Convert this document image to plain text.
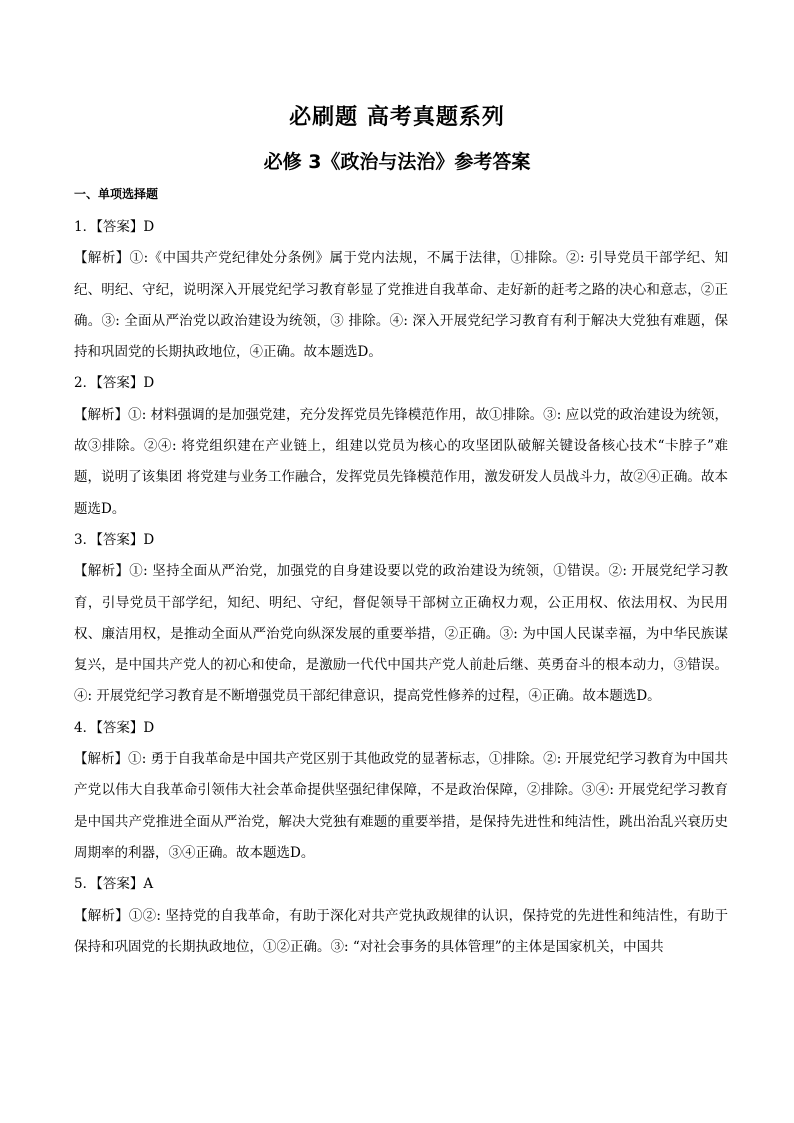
必刷题 高考真题系列
必修 3《政治与法治》参考答案
一、单项选择题

1．【答案】D

【解析】①:《中国共产党纪律处分条例》属于党内法规，不属于法律，①排除。②: 引导党员干部学纪、知纪、明纪、守纪，说明深入开展党纪学习教育彰显了党推进自我革命、走好新的赶考之路的决心和意志，②正确。③: 全面从严治党以政治建设为统领，③ 排除。④: 深入开展党纪学习教育有利于解决大党独有难题，保持和巩固党的长期执政地位，④正确。故本题选D。

2．【答案】D

【解析】①: 材料强调的是加强党建，充分发挥党员先锋模范作用，故①排除。③: 应以党的政治建设为统领，故③排除。②④: 将党组织建在产业链上，组建以党员为核心的攻坚团队破解关键设备核心技术“卡脖子”难题，说明了该集团 将党建与业务工作融合，发挥党员先锋模范作用，激发研发人员战斗力，故②④正确。故本题选D。

3．【答案】D

【解析】①: 坚持全面从严治党，加强党的自身建设要以党的政治建设为统领，①错误。②: 开展党纪学习教育，引导党员干部学纪，知纪、明纪、守纪，督促领导干部树立正确权力观，公正用权、依法用权、为民用权、廉洁用权，是推动全面从严治党向纵深发展的重要举措，②正确。③: 为中国人民谋幸福，为中华民族谋复兴，是中国共产党人的初心和使命，是激励一代代中国共产党人前赴后继、英勇奋斗的根本动力，③错误。④: 开展党纪学习教育是不断增强党员干部纪律意识，提高党性修养的过程，④正确。故本题选D。

4．【答案】D

【解析】①: 勇于自我革命是中国共产党区别于其他政党的显著标志，①排除。②: 开展党纪学习教育为中国共产党以伟大自我革命引领伟大社会革命提供坚强纪律保障，不是政治保障，②排除。③④: 开展党纪学习教育是中国共产党推进全面从严治党，解决大党独有难题的重要举措，是保持先进性和纯洁性，跳出治乱兴衰历史周期率的利器，③④正确。故本题选D。

5．【答案】A

【解析】①②: 坚持党的自我革命，有助于深化对共产党执政规律的认识，保持党的先进性和纯洁性，有助于保持和巩固党的长期执政地位，①②正确。③: “对社会事务的具体管理”的主体是国家机关，中国共
